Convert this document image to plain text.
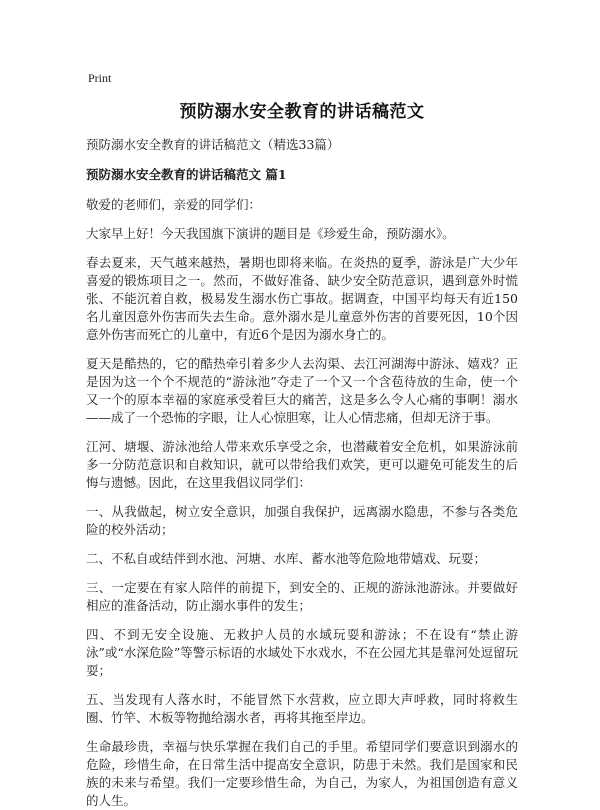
Print
预防溺水安全教育的讲话稿范文
预防溺水安全教育的讲话稿范文（精选33篇）
预防溺水安全教育的讲话稿范文 篇1
敬爱的老师们，亲爱的同学们：
大家早上好！今天我国旗下演讲的题目是《珍爱生命，预防溺水》。
春去夏来，天气越来越热，暑期也即将来临。在炎热的夏季，游泳是广大少年喜爱的锻炼项目之一。然而，不做好准备、缺少安全防范意识，遇到意外时慌张、不能沉着自救，极易发生溺水伤亡事故。据调查，中国平均每天有近150名儿童因意外伤害而失去生命。意外溺水是儿童意外伤害的首要死因，10个因意外伤害而死亡的儿童中，有近6个是因为溺水身亡的。
夏天是酷热的，它的酷热牵引着多少人去沟渠、去江河湖海中游泳、嬉戏？正是因为这一个个不规范的“游泳池”夺走了一个又一个含苞待放的生命，使一个又一个的原本幸福的家庭承受着巨大的痛苦，这是多么令人心痛的事啊！溺水——成了一个恐怖的字眼，让人心惊胆寒，让人心情悲痛，但却无济于事。
江河、塘堰、游泳池给人带来欢乐享受之余，也潜藏着安全危机，如果游泳前多一分防范意识和自救知识，就可以带给我们欢笑，更可以避免可能发生的后悔与遗憾。因此，在这里我倡议同学们：
一、从我做起，树立安全意识，加强自我保护，远离溺水隐患，不参与各类危险的校外活动；
二、不私自或结伴到水池、河塘、水库、蓄水池等危险地带嬉戏、玩耍；
三、一定要在有家人陪伴的前提下，到安全的、正规的游泳池游泳。并要做好相应的准备活动，防止溺水事件的发生；
四、不到无安全设施、无救护人员的水域玩耍和游泳；不在设有“禁止游泳”或“水深危险”等警示标语的水域处下水戏水，不在公园尤其是靠河处逗留玩耍；
五、当发现有人落水时，不能冒然下水营救，应立即大声呼救，同时将救生圈、竹竿、木板等物抛给溺水者，再将其拖至岸边。
生命最珍贵，幸福与快乐掌握在我们自己的手里。希望同学们要意识到溺水的危险，珍惜生命，在日常生活中提高安全意识，防患于未然。我们是国家和民族的未来与希望。我们一定要珍惜生命，为自己，为家人，为祖国创造有意义的人生。
